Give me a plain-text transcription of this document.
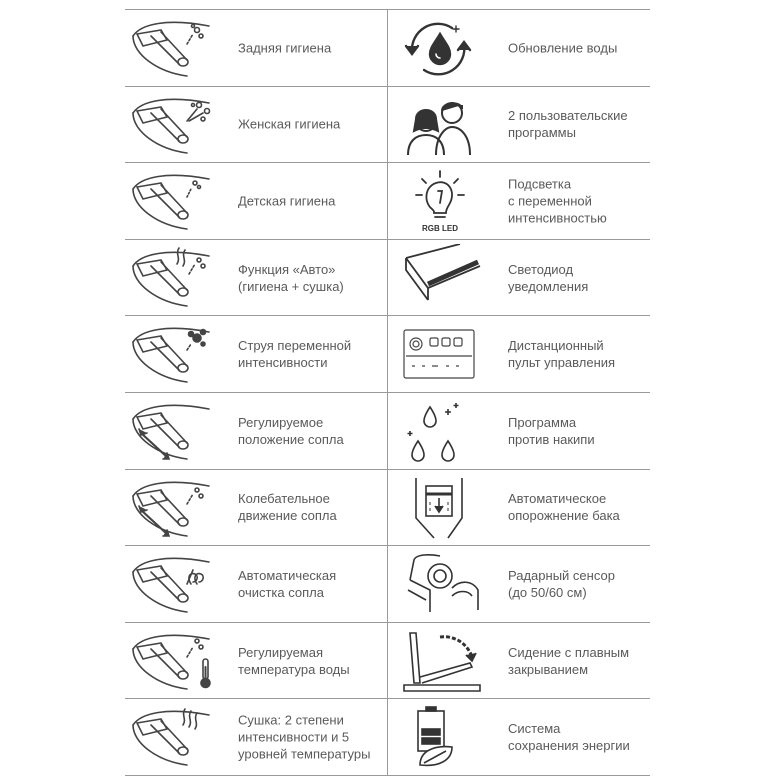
Задняя гигиена	Обновление воды
Женская гигиена
2 пользовательские
программы
Детская гигиена
RGB LED
Подсветка
с переменной
интенсивностью
Функция «Авто»
(гигиена + сушка)
Светодиод
уведомления
Струя переменной
интенсивности
Дистанционный
пульт управления
Регулируемое
положение сопла
Программа
против накипи
Колебательное
движение сопла
Автоматическое
опорожнение бака
Автоматическая
очистка сопла
Радарный сенсор
(до 50/60 см)
Регулируемая
температура воды
Сидение с плавным
закрыванием
Сушка: 2 степени
интенсивности и 5
уровней температуры
Система
сохранения энергии
